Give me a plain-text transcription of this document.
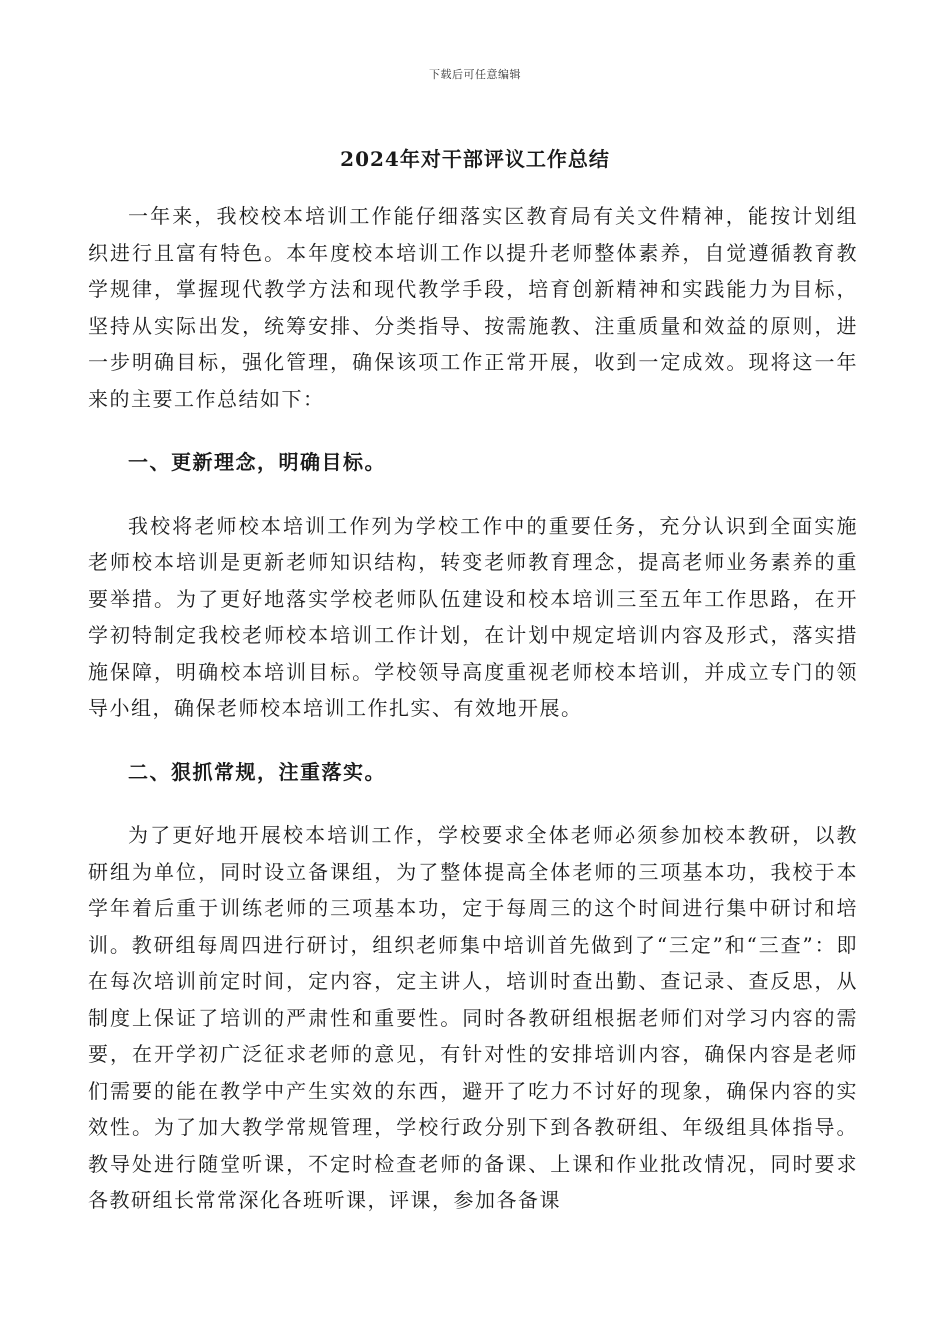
下载后可任意编辑
2024年对干部评议工作总结

一年来，我校校本培训工作能仔细落实区教育局有关文件精神，能按计划组织进行且富有特色。本年度校本培训工作以提升老师整体素养，自觉遵循教育教学规律，掌握现代教学方法和现代教学手段，培育创新精神和实践能力为目标，坚持从实际出发，统筹安排、分类指导、按需施教、注重质量和效益的原则，进一步明确目标，强化管理，确保该项工作正常开展，收到一定成效。现将这一年来的主要工作总结如下：

一、更新理念，明确目标。

我校将老师校本培训工作列为学校工作中的重要任务，充分认识到全面实施老师校本培训是更新老师知识结构，转变老师教育理念，提高老师业务素养的重要举措。为了更好地落实学校老师队伍建设和校本培训三至五年工作思路，在开学初特制定我校老师校本培训工作计划，在计划中规定培训内容及形式，落实措施保障，明确校本培训目标。学校领导高度重视老师校本培训，并成立专门的领导小组，确保老师校本培训工作扎实、有效地开展。

二、狠抓常规，注重落实。

为了更好地开展校本培训工作，学校要求全体老师必须参加校本教研，以教研组为单位，同时设立备课组，为了整体提高全体老师的三项基本功，我校于本学年着后重于训练老师的三项基本功，定于每周三的这个时间进行集中研讨和培训。教研组每周四进行研讨，组织老师集中培训首先做到了“三定”和“三查”：即在每次培训前定时间，定内容，定主讲人，培训时查出勤、查记录、查反思，从制度上保证了培训的严肃性和重要性。同时各教研组根据老师们对学习内容的需要，在开学初广泛征求老师的意见，有针对性的安排培训内容，确保内容是老师们需要的能在教学中产生实效的东西，避开了吃力不讨好的现象，确保内容的实效性。为了加大教学常规管理，学校行政分别下到各教研组、年级组具体指导。教导处进行随堂听课，不定时检查老师的备课、上课和作业批改情况，同时要求各教研组长常常深化各班听课，评课，参加各备课
